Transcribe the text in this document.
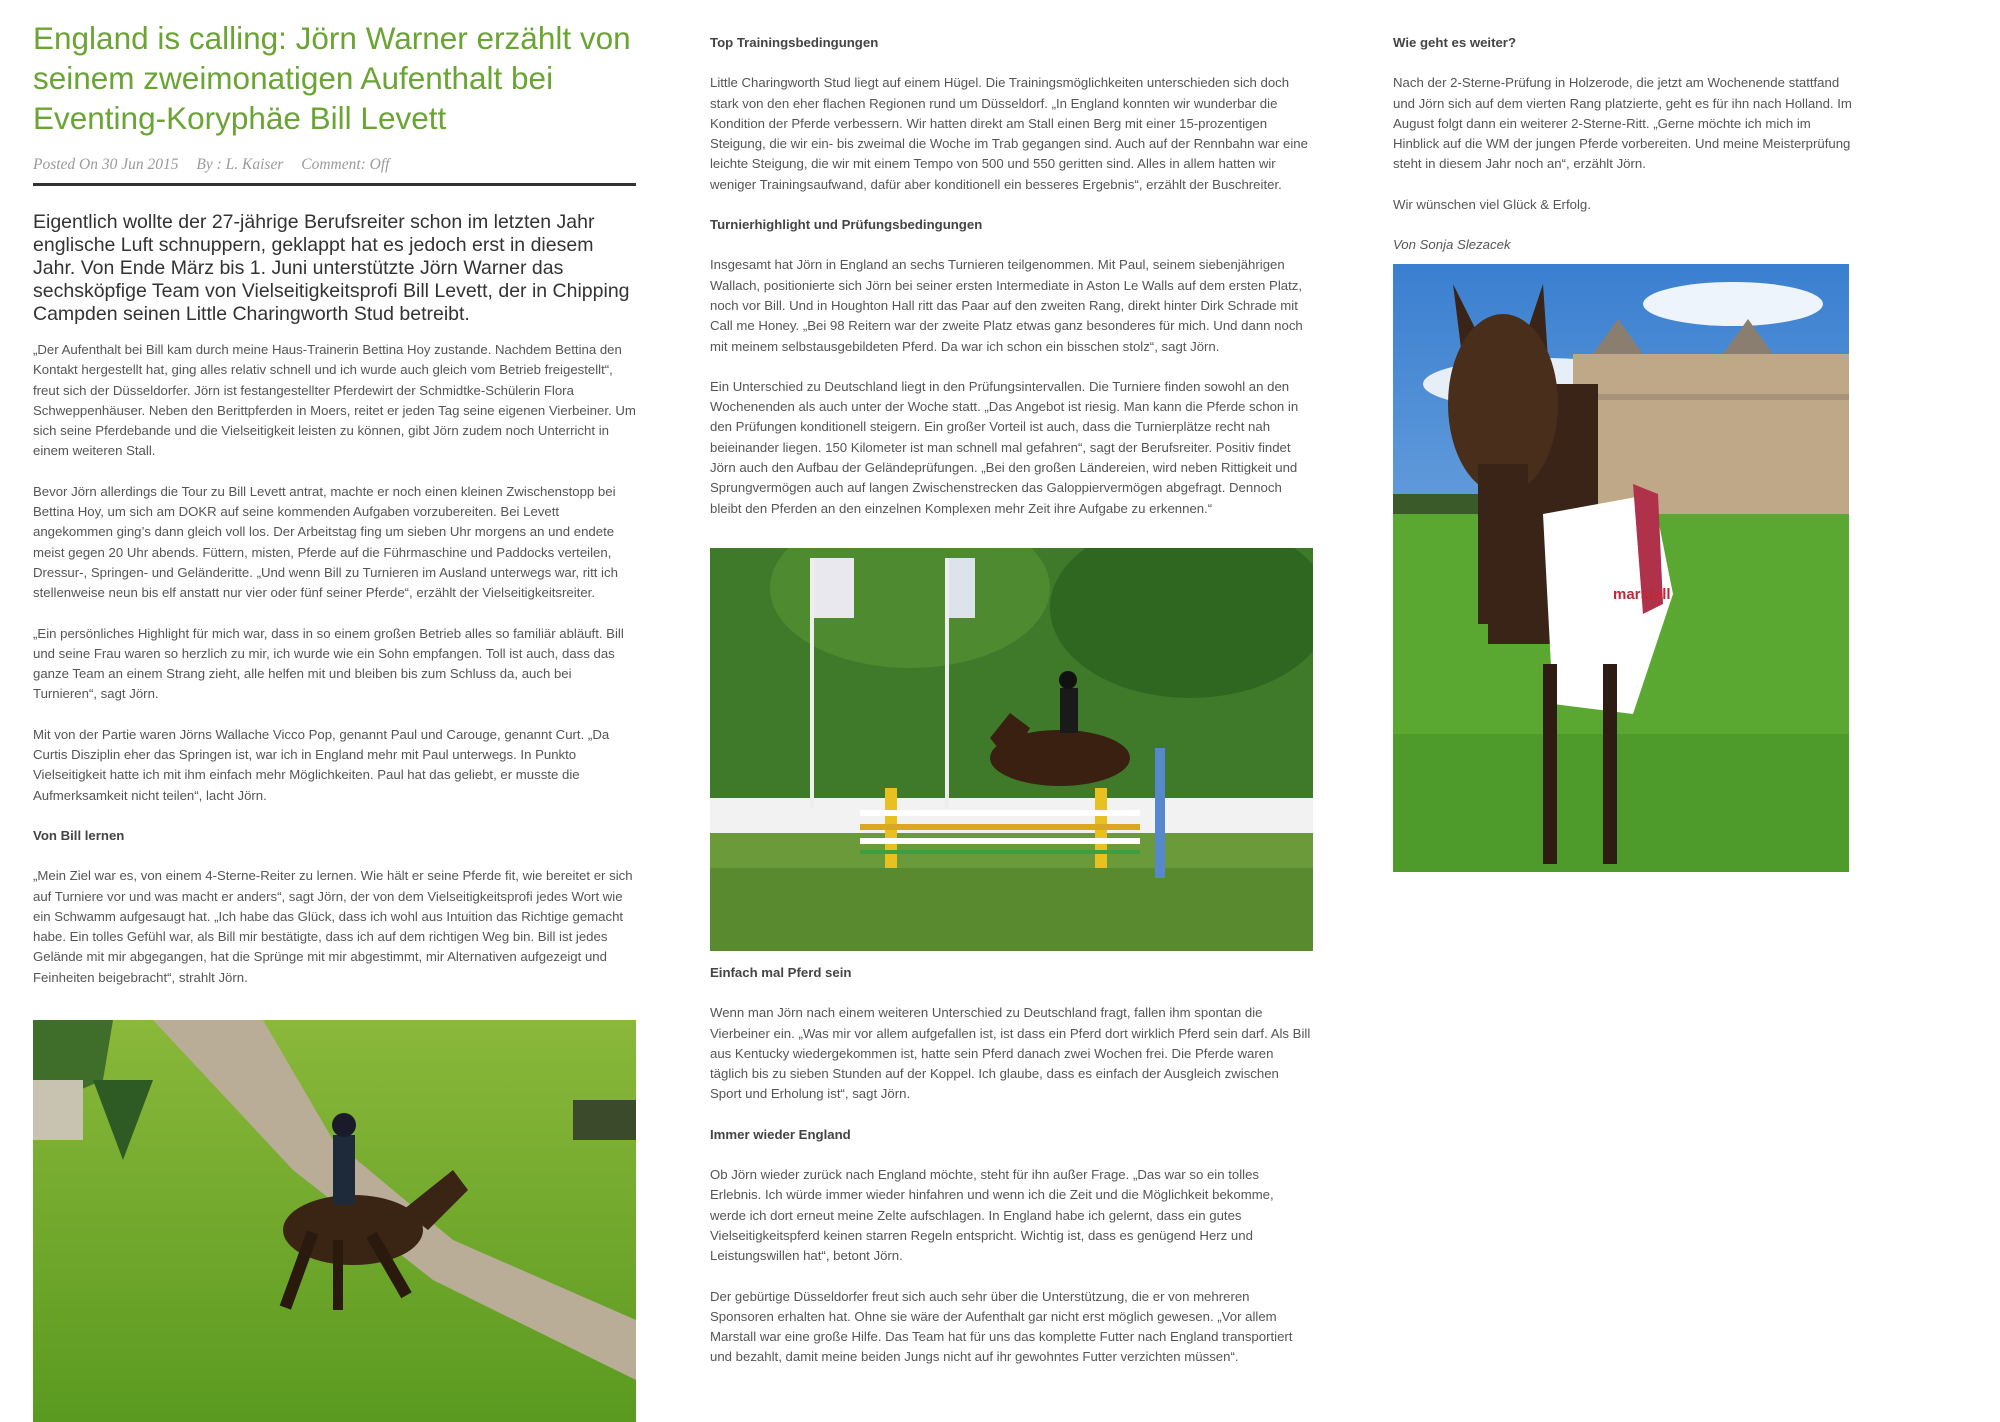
England is calling: Jörn Warner erzählt von seinem zweimonatigen Aufenthalt bei Eventing-Koryphäe Bill Levett
Posted On 30 Jun 2015 By : L. Kaiser Comment: Off

Eigentlich wollte der 27-jährige Berufsreiter schon im letzten Jahr englische Luft schnuppern, geklappt hat es jedoch erst in diesem Jahr. Von Ende März bis 1. Juni unterstützte Jörn Warner das sechsköpfige Team von Vielseitigkeitsprofi Bill Levett, der in Chipping Campden seinen Little Charingworth Stud betreibt.

„Der Aufenthalt bei Bill kam durch meine Haus-Trainerin Bettina Hoy zustande. Nachdem Bettina den Kontakt hergestellt hat, ging alles relativ schnell und ich wurde auch gleich vom Betrieb freigestellt“, freut sich der Düsseldorfer. Jörn ist festangestellter Pferdewirt der Schmidtke-Schülerin Flora Schweppenhäuser. Neben den Berittpferden in Moers, reitet er jeden Tag seine eigenen Vierbeiner. Um sich seine Pferdebande und die Vielseitigkeit leisten zu können, gibt Jörn zudem noch Unterricht in einem weiteren Stall.

Bevor Jörn allerdings die Tour zu Bill Levett antrat, machte er noch einen kleinen Zwischenstopp bei Bettina Hoy, um sich am DOKR auf seine kommenden Aufgaben vorzubereiten. Bei Levett angekommen ging’s dann gleich voll los. Der Arbeitstag fing um sieben Uhr morgens an und endete meist gegen 20 Uhr abends. Füttern, misten, Pferde auf die Führmaschine und Paddocks verteilen, Dressur-, Springen- und Geländeritte. „Und wenn Bill zu Turnieren im Ausland unterwegs war, ritt ich stellenweise neun bis elf anstatt nur vier oder fünf seiner Pferde“, erzählt der Vielseitigkeitsreiter.

„Ein persönliches Highlight für mich war, dass in so einem großen Betrieb alles so familiär abläuft. Bill und seine Frau waren so herzlich zu mir, ich wurde wie ein Sohn empfangen. Toll ist auch, dass das ganze Team an einem Strang zieht, alle helfen mit und bleiben bis zum Schluss da, auch bei Turnieren“, sagt Jörn.

Mit von der Partie waren Jörns Wallache Vicco Pop, genannt Paul und Carouge, genannt Curt. „Da Curtis Disziplin eher das Springen ist, war ich in England mehr mit Paul unterwegs. In Punkto Vielseitigkeit hatte ich mit ihm einfach mehr Möglichkeiten. Paul hat das geliebt, er musste die Aufmerksamkeit nicht teilen“, lacht Jörn.

Von Bill lernen

„Mein Ziel war es, von einem 4-Sterne-Reiter zu lernen. Wie hält er seine Pferde fit, wie bereitet er sich auf Turniere vor und was macht er anders“, sagt Jörn, der von dem Vielseitigkeitsprofi jedes Wort wie ein Schwamm aufgesaugt hat. „Ich habe das Glück, dass ich wohl aus Intuition das Richtige gemacht habe. Ein tolles Gefühl war, als Bill mir bestätigte, dass ich auf dem richtigen Weg bin. Bill ist jedes Gelände mit mir abgegangen, hat die Sprünge mit mir abgestimmt, mir Alternativen aufgezeigt und Feinheiten beigebracht“, strahlt Jörn.

Top Trainingsbedingungen

Little Charingworth Stud liegt auf einem Hügel. Die Trainingsmöglichkeiten unterschieden sich doch stark von den eher flachen Regionen rund um Düsseldorf. „In England konnten wir wunderbar die Kondition der Pferde verbessern. Wir hatten direkt am Stall einen Berg mit einer 15-prozentigen Steigung, die wir ein- bis zweimal die Woche im Trab gegangen sind. Auch auf der Rennbahn war eine leichte Steigung, die wir mit einem Tempo von 500 und 550 geritten sind. Alles in allem hatten wir weniger Trainingsaufwand, dafür aber konditionell ein besseres Ergebnis“, erzählt der Buschreiter.

Turnierhighlight und Prüfungsbedingungen

Insgesamt hat Jörn in England an sechs Turnieren teilgenommen. Mit Paul, seinem siebenjährigen Wallach, positionierte sich Jörn bei seiner ersten Intermediate in Aston Le Walls auf dem ersten Platz, noch vor Bill. Und in Houghton Hall ritt das Paar auf den zweiten Rang, direkt hinter Dirk Schrade mit Call me Honey. „Bei 98 Reitern war der zweite Platz etwas ganz besonderes für mich. Und dann noch mit meinem selbstausgebildeten Pferd. Da war ich schon ein bisschen stolz“, sagt Jörn.

Ein Unterschied zu Deutschland liegt in den Prüfungsintervallen. Die Turniere finden sowohl an den Wochenenden als auch unter der Woche statt. „Das Angebot ist riesig. Man kann die Pferde schon in den Prüfungen konditionell steigern. Ein großer Vorteil ist auch, dass die Turnierplätze recht nah beieinander liegen. 150 Kilometer ist man schnell mal gefahren“, sagt der Berufsreiter. Positiv findet Jörn auch den Aufbau der Geländeprüfungen. „Bei den großen Ländereien, wird neben Rittigkeit und Sprungvermögen auch auf langen Zwischenstrecken das Galoppiervermögen abgefragt. Dennoch bleibt den Pferden an den einzelnen Komplexen mehr Zeit ihre Aufgabe zu erkennen.“

Einfach mal Pferd sein

Wenn man Jörn nach einem weiteren Unterschied zu Deutschland fragt, fallen ihm spontan die Vierbeiner ein. „Was mir vor allem aufgefallen ist, ist dass ein Pferd dort wirklich Pferd sein darf. Als Bill aus Kentucky wiedergekommen ist, hatte sein Pferd danach zwei Wochen frei. Die Pferde waren täglich bis zu sieben Stunden auf der Koppel. Ich glaube, dass es einfach der Ausgleich zwischen Sport und Erholung ist“, sagt Jörn.

Immer wieder England

Ob Jörn wieder zurück nach England möchte, steht für ihn außer Frage. „Das war so ein tolles Erlebnis. Ich würde immer wieder hinfahren und wenn ich die Zeit und die Möglichkeit bekomme, werde ich dort erneut meine Zelte aufschlagen. In England habe ich gelernt, dass ein gutes Vielseitigkeitspferd keinen starren Regeln entspricht. Wichtig ist, dass es genügend Herz und Leistungswillen hat“, betont Jörn.

Der gebürtige Düsseldorfer freut sich auch sehr über die Unterstützung, die er von mehreren Sponsoren erhalten hat. Ohne sie wäre der Aufenthalt gar nicht erst möglich gewesen. „Vor allem Marstall war eine große Hilfe. Das Team hat für uns das komplette Futter nach England transportiert und bezahlt, damit meine beiden Jungs nicht auf ihr gewohntes Futter verzichten müssen“.

Wie geht es weiter?

Nach der 2-Sterne-Prüfung in Holzerode, die jetzt am Wochenende stattfand und Jörn sich auf dem vierten Rang platzierte, geht es für ihn nach Holland. Im August folgt dann ein weiterer 2-Sterne-Ritt. „Gerne möchte ich mich im Hinblick auf die WM der jungen Pferde vorbereiten. Und meine Meisterprüfung steht in diesem Jahr noch an“, erzählt Jörn.

Wir wünschen viel Glück & Erfolg.

Von Sonja Slezacek

marstall
